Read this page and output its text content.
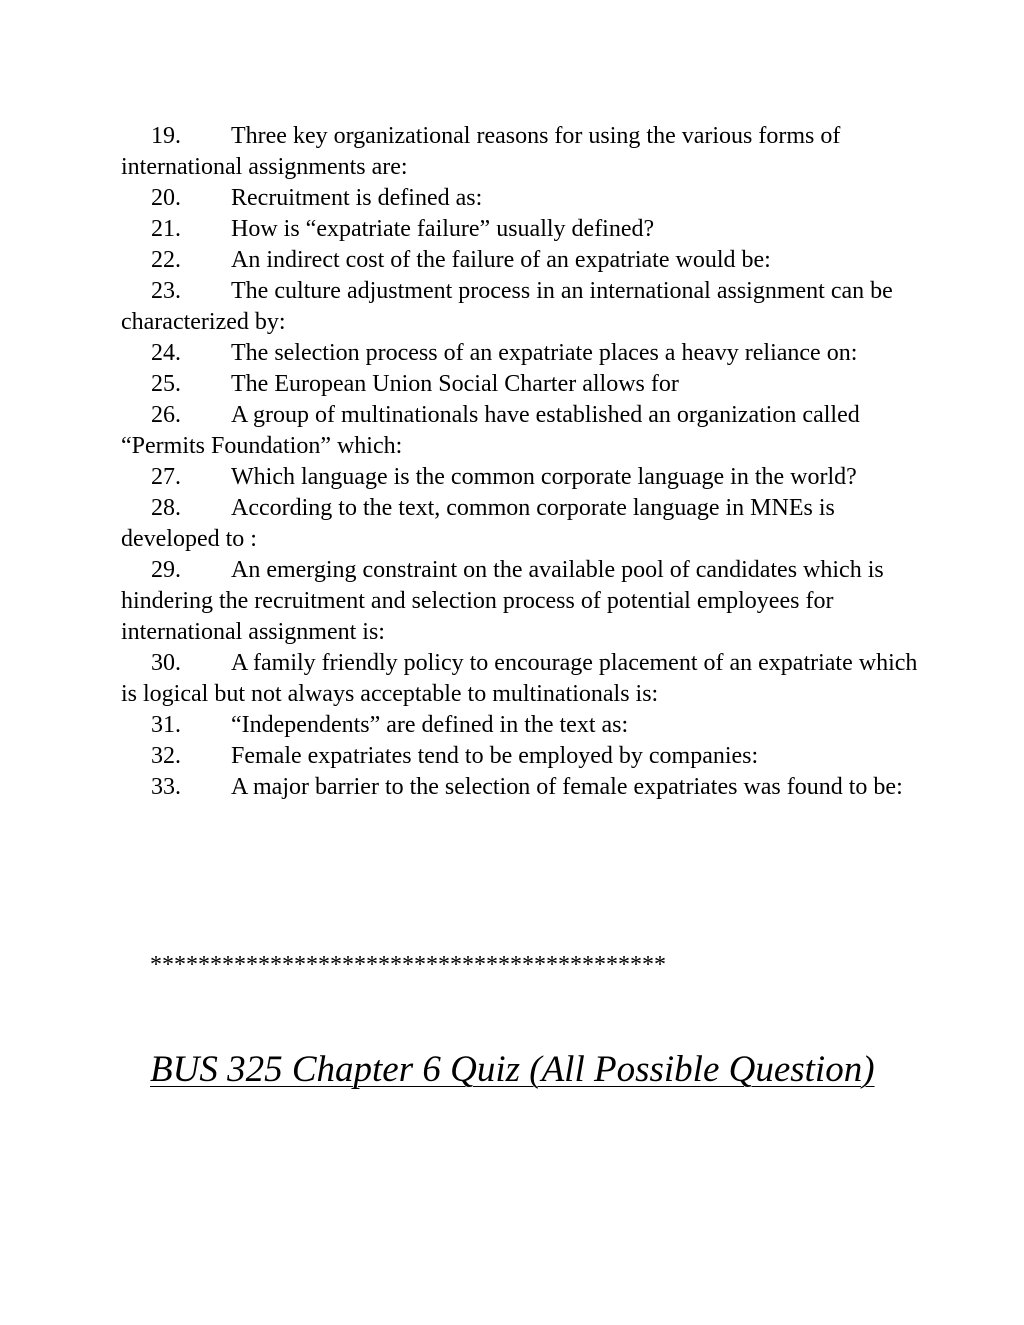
19. Three key organizational reasons for using the various forms of international assignments are:
20. Recruitment is defined as:
21. How is “expatriate failure” usually defined?
22. An indirect cost of the failure of an expatriate would be:
23. The culture adjustment process in an international assignment can be characterized by:
24. The selection process of an expatriate places a heavy reliance on:
25. The European Union Social Charter allows for
26. A group of multinationals have established an organization called “Permits Foundation” which:
27. Which language is the common corporate language in the world?
28. According to the text, common corporate language in MNEs is developed to :
29. An emerging constraint on the available pool of candidates which is hindering the recruitment and selection process of potential employees for international assignment is:
30. A family friendly policy to encourage placement of an expatriate which is logical but not always acceptable to multinationals is:
31. “Independents” are defined in the text as:
32. Female expatriates tend to be employed by companies:
33. A major barrier to the selection of female expatriates was found to be:
*******************************************
BUS 325 Chapter 6 Quiz (All Possible Question)
